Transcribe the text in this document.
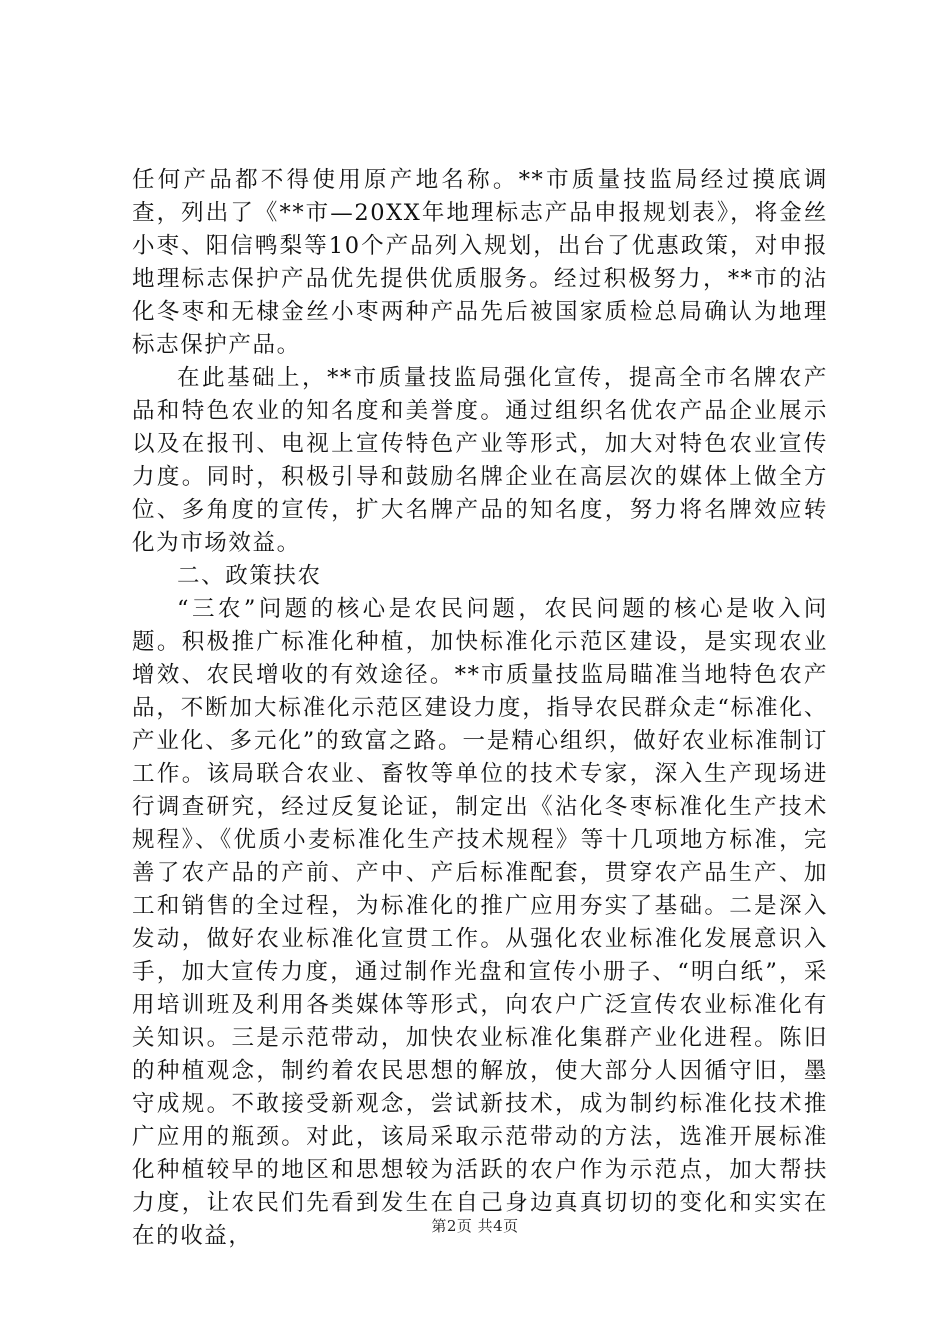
任何产品都不得使用原产地名称。**市质量技监局经过摸底调查，列出了《**市—20XX年地理标志产品申报规划表》，将金丝小枣、阳信鸭梨等10个产品列入规划，出台了优惠政策，对申报地理标志保护产品优先提供优质服务。经过积极努力，**市的沾化冬枣和无棣金丝小枣两种产品先后被国家质检总局确认为地理标志保护产品。

在此基础上，**市质量技监局强化宣传，提高全市名牌农产品和特色农业的知名度和美誉度。通过组织名优农产品企业展示以及在报刊、电视上宣传特色产业等形式，加大对特色农业宣传力度。同时，积极引导和鼓励名牌企业在高层次的媒体上做全方位、多角度的宣传，扩大名牌产品的知名度，努力将名牌效应转化为市场效益。

二、政策扶农

“三农”问题的核心是农民问题，农民问题的核心是收入问题。积极推广标准化种植，加快标准化示范区建设，是实现农业增效、农民增收的有效途径。**市质量技监局瞄准当地特色农产品，不断加大标准化示范区建设力度，指导农民群众走“标准化、产业化、多元化”的致富之路。一是精心组织，做好农业标准制订工作。该局联合农业、畜牧等单位的技术专家，深入生产现场进行调查研究，经过反复论证，制定出《沾化冬枣标准化生产技术规程》、《优质小麦标准化生产技术规程》等十几项地方标准，完善了农产品的产前、产中、产后标准配套，贯穿农产品生产、加工和销售的全过程，为标准化的推广应用夯实了基础。二是深入发动，做好农业标准化宣贯工作。从强化农业标准化发展意识入手，加大宣传力度，通过制作光盘和宣传小册子、“明白纸”，采用培训班及利用各类媒体等形式，向农户广泛宣传农业标准化有关知识。三是示范带动，加快农业标准化集群产业化进程。陈旧的种植观念，制约着农民思想的解放，使大部分人因循守旧，墨守成规。不敢接受新观念，尝试新技术，成为制约标准化技术推广应用的瓶颈。对此，该局采取示范带动的方法，选准开展标准化种植较早的地区和思想较为活跃的农户作为示范点，加大帮扶力度，让农民们先看到发生在自己身边真真切切的变化和实实在在的收益，	第2页 共4页
